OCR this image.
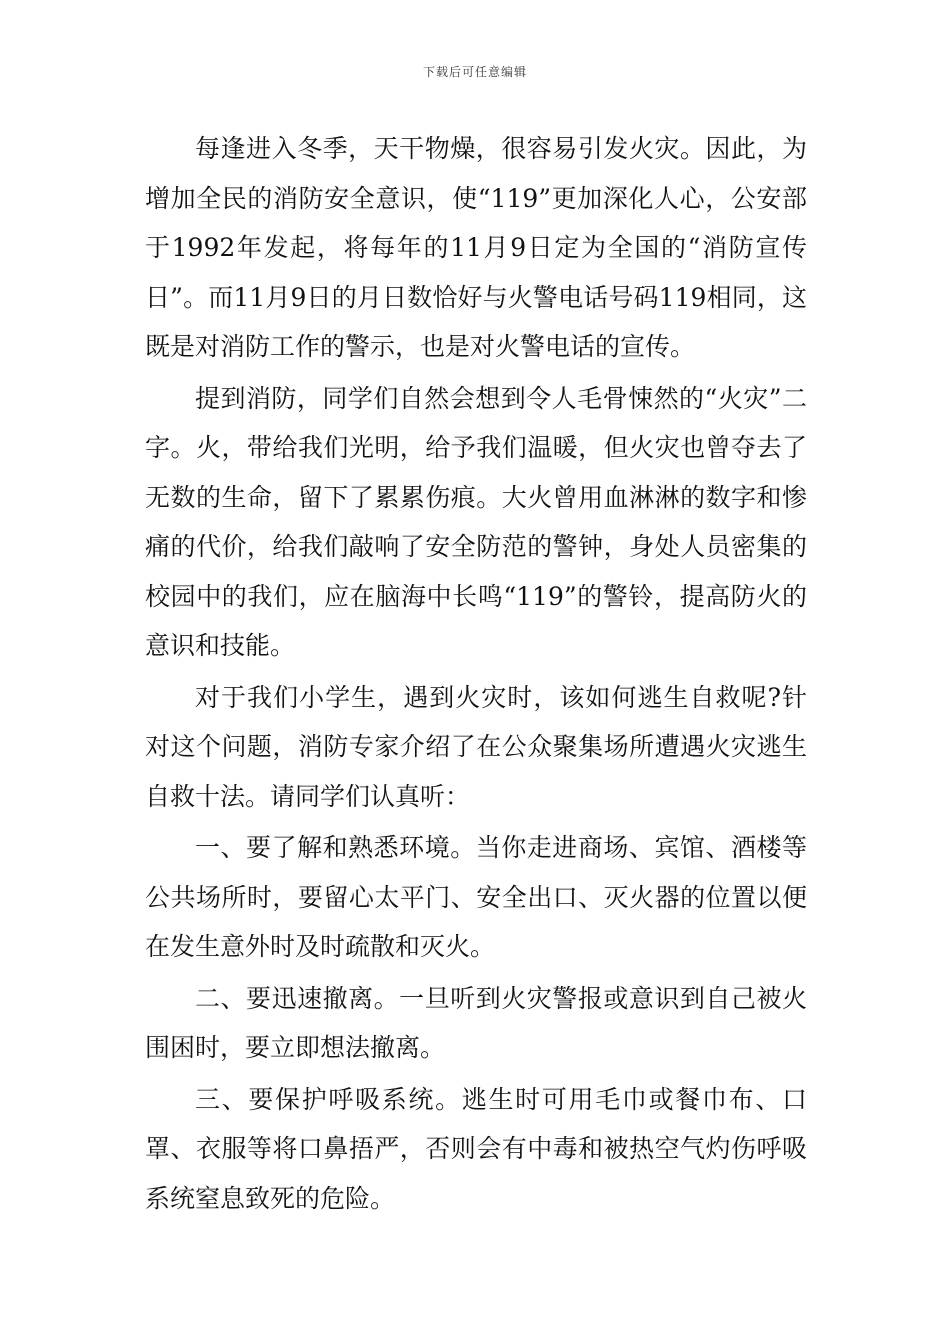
下载后可任意编辑

每逢进入冬季，天干物燥，很容易引发火灾。因此，为增加全民的消防安全意识，使“119”更加深化人心，公安部于1992年发起，将每年的11月9日定为全国的“消防宣传日”。而11月9日的月日数恰好与火警电话号码119相同，这既是对消防工作的警示，也是对火警电话的宣传。

提到消防，同学们自然会想到令人毛骨悚然的“火灾”二字。火，带给我们光明，给予我们温暖，但火灾也曾夺去了无数的生命，留下了累累伤痕。大火曾用血淋淋的数字和惨痛的代价，给我们敲响了安全防范的警钟，身处人员密集的校园中的我们，应在脑海中长鸣“119”的警铃，提高防火的意识和技能。

对于我们小学生，遇到火灾时，该如何逃生自救呢?针对这个问题，消防专家介绍了在公众聚集场所遭遇火灾逃生自救十法。请同学们认真听：

一、要了解和熟悉环境。当你走进商场、宾馆、酒楼等公共场所时，要留心太平门、安全出口、灭火器的位置以便在发生意外时及时疏散和灭火。

二、要迅速撤离。一旦听到火灾警报或意识到自己被火围困时，要立即想法撤离。

三、要保护呼吸系统。逃生时可用毛巾或餐巾布、口罩、衣服等将口鼻捂严，否则会有中毒和被热空气灼伤呼吸系统窒息致死的危险。
